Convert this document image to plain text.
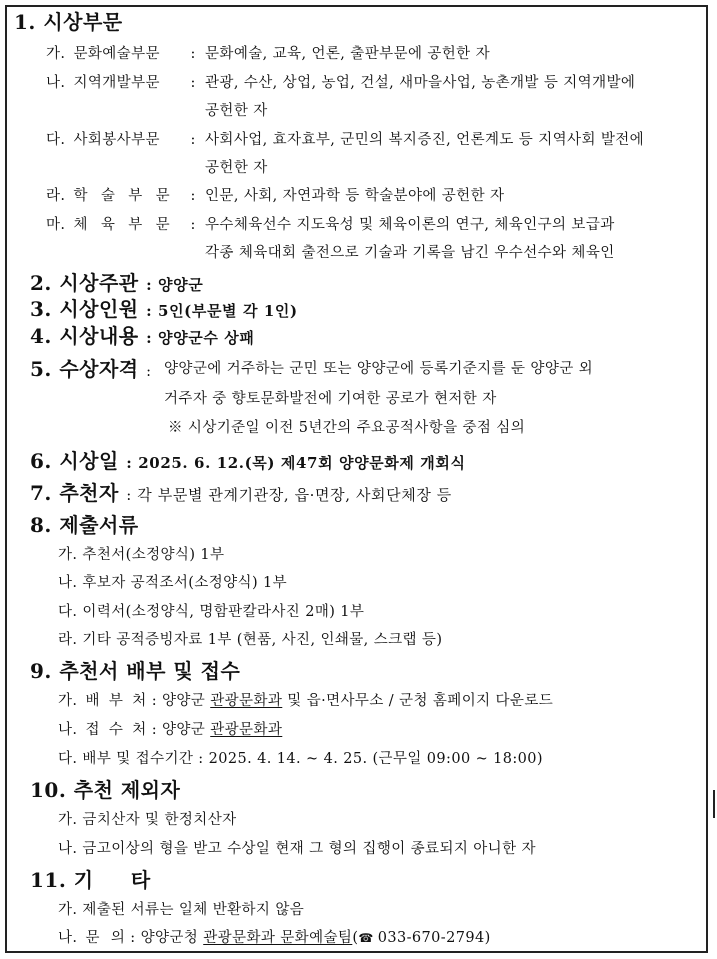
1. 시상부문
가. 문화예술부문 : 문화예술, 교육, 언론, 출판부문에 공헌한 자
나. 지역개발부문 : 관광, 수산, 상업, 농업, 건설, 새마을사업, 농촌개발 등 지역개발에
공헌한 자
다. 사회봉사부문 : 사회사업, 효자효부, 군민의 복지증진, 언론계도 등 지역사회 발전에
공헌한 자
라. 학 술 부 문 : 인문, 사회, 자연과학 등 학술분야에 공헌한 자
마. 체 육 부 문 : 우수체육선수 지도육성 및 체육이론의 연구, 체육인구의 보급과
각종 체육대회 출전으로 기술과 기록을 남긴 우수선수와 체육인
2. 시상주관 : 양양군
3. 시상인원 : 5인(부문별 각 1인)
4. 시상내용 : 양양군수 상패
5. 수상자격 : 양양군에 거주하는 군민 또는 양양군에 등록기준지를 둔 양양군 외
거주자 중 향토문화발전에 기여한 공로가 현저한 자
※ 시상기준일 이전 5년간의 주요공적사항을 중점 심의
6. 시상일 : 2025. 6. 12.(목) 제47회 양양문화제 개회식
7. 추천자 : 각 부문별 관계기관장, 읍·면장, 사회단체장 등
8. 제출서류
가. 추천서(소정양식) 1부
나. 후보자 공적조서(소정양식) 1부
다. 이력서(소정양식, 명함판칼라사진 2매) 1부
라. 기타 공적증빙자료 1부 (현품, 사진, 인쇄물, 스크랩 등)
9. 추천서 배부 및 접수
가. 배 부 처 : 양양군 관광문화과 및 읍·면사무소 / 군청 홈페이지 다운로드
나. 접 수 처 : 양양군 관광문화과
다. 배부 및 접수기간 : 2025. 4. 14. ~ 4. 25. (근무일 09:00 ~ 18:00)
10. 추천 제외자
가. 금치산자 및 한정치산자
나. 금고이상의 형을 받고 수상일 현재 그 형의 집행이 종료되지 아니한 자
11. 기     타
가. 제출된 서류는 일체 반환하지 않음
나. 문 의 : 양양군청 관광문화과 문화예술팀(☎ 033-670-2794)
